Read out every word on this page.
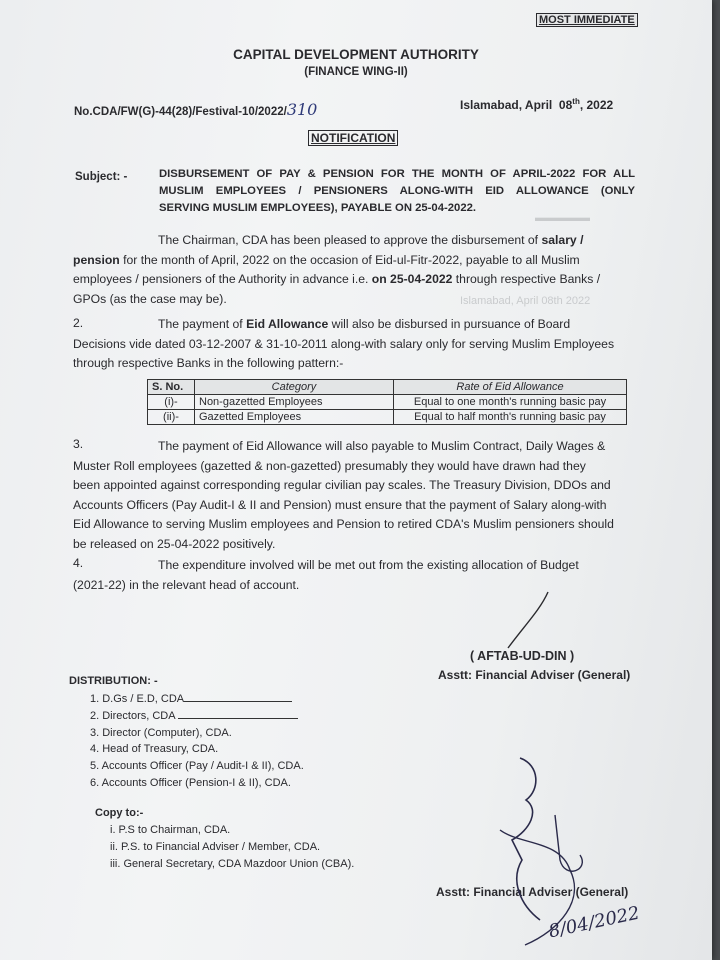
MOST IMMEDIATE
CAPITAL DEVELOPMENT AUTHORITY
(FINANCE WING-II)
No.CDA/FW(G)-44(28)/Festival-10/2022/310	Islamabad, April 08th, 2022
NOTIFICATION
Subject: -	DISBURSEMENT OF PAY & PENSION FOR THE MONTH OF APRIL-2022 FOR ALL
MUSLIM EMPLOYEES / PENSIONERS ALONG-WITH EID ALLOWANCE (ONLY
SERVING MUSLIM EMPLOYEES), PAYABLE ON 25-04-2022.
▬▬▬▬▬
The Chairman, CDA has been pleased to approve the disbursement of salary /
pension for the month of April, 2022 on the occasion of Eid-ul-Fitr-2022, payable to all Muslim
employees / pensioners of the Authority in advance i.e. on 25-04-2022 through respective Banks /
GPOs (as the case may be).	Islamabad, April 08th 2022
2.	The payment of Eid Allowance will also be disbursed in pursuance of Board
Decisions vide dated 03-12-2007 & 31-10-2011 along-with salary only for serving Muslim Employees
through respective Banks in the following pattern:-
S. No.	Category	Rate of Eid Allowance
(i)-	Non-gazetted Employees	Equal to one month's running basic pay
(ii)-	Gazetted Employees	Equal to half month's running basic pay
3.	The payment of Eid Allowance will also payable to Muslim Contract, Daily Wages &
Muster Roll employees (gazetted & non-gazetted) presumably they would have drawn had they
been appointed against corresponding regular civilian pay scales. The Treasury Division, DDOs and
Accounts Officers (Pay Audit-I & II and Pension) must ensure that the payment of Salary along-with
Eid Allowance to serving Muslim employees and Pension to retired CDA's Muslim pensioners should
be released on 25-04-2022 positively.
4.	The expenditure involved will be met out from the existing allocation of Budget
(2021-22) in the relevant head of account.
( AFTAB-UD-DIN )
Asstt: Financial Adviser (General)
DISTRIBUTION: -
1. D.Gs / E.D, CDA
2. Directors, CDA
3. Director (Computer), CDA.
4. Head of Treasury, CDA.
5. Accounts Officer (Pay / Audit-I & II), CDA.
6. Accounts Officer (Pension-I & II), CDA.
Copy to:-
i. P.S to Chairman, CDA.
ii. P.S. to Financial Adviser / Member, CDA.
iii. General Secretary, CDA Mazdoor Union (CBA).
Asstt: Financial Adviser (General)
8/04/2022
